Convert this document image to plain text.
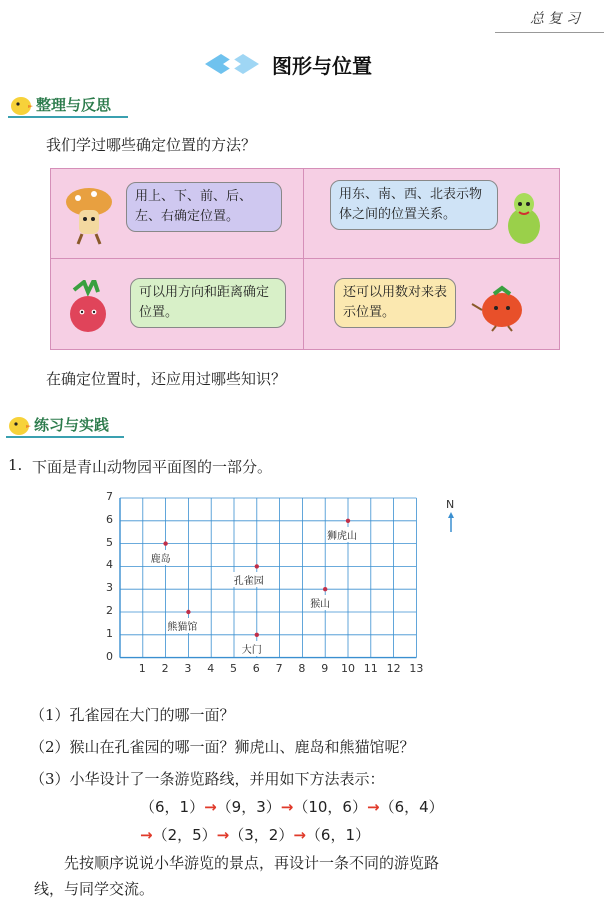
总复习
图形与位置
整理与反思
我们学过哪些确定位置的方法？
用上、下、前、后、左、右确定位置。
用东、南、西、北表示物体之间的位置关系。
可以用方向和距离确定位置。
还可以用数对来表示位置。
在确定位置时，还应用过哪些知识？
练习与实践
1. 下面是青山动物园平面图的一部分。
N
1 2 3 4 5 6 7 8 9 10 11 12 13
0
1
2
3
4
5
6
7
鹿岛
熊猫馆
孔雀园
大门
猴山
狮虎山
（1）孔雀园在大门的哪一面？
（2）猴山在孔雀园的哪一面？狮虎山、鹿岛和熊猫馆呢？
（3）小华设计了一条游览路线，并用如下方法表示：
（6，1）→（9，3）→（10，6）→（6，4）
→（2，5）→（3，2）→（6，1）
先按顺序说说小华游览的景点，再设计一条不同的游览路
线，与同学交流。
